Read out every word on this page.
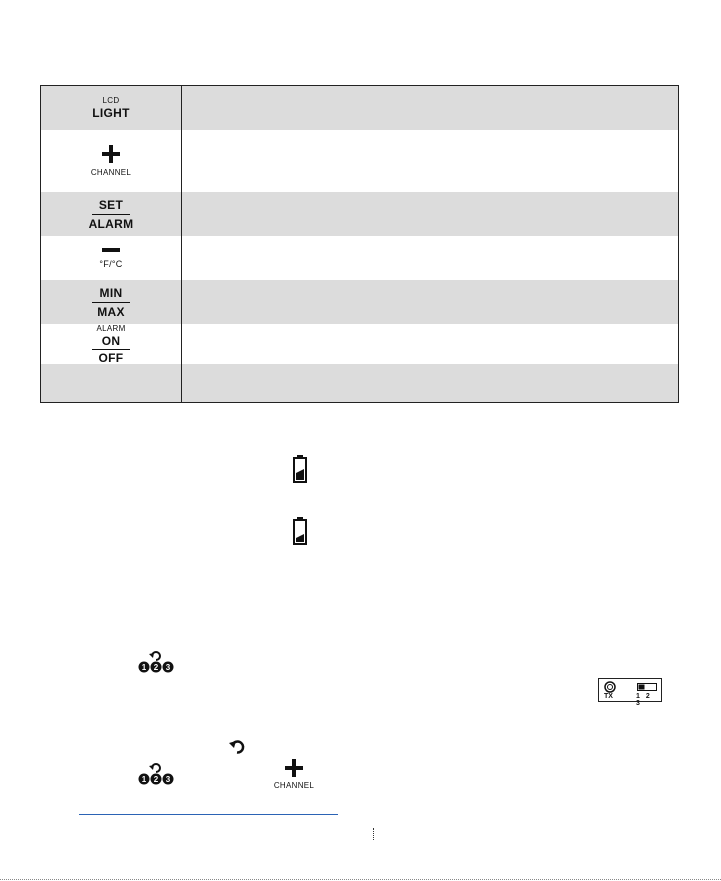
LCD
LIGHT
CHANNEL
$\frac{\text{SET}}{\text{ALARM}}$
°F/°C
$\frac{\text{MIN}}{\text{MAX}}$
ALARM
$\frac{ON}{\text{OFF}}$
1 2 3
TX	1 2 3
1 2 3
CHANNEL
